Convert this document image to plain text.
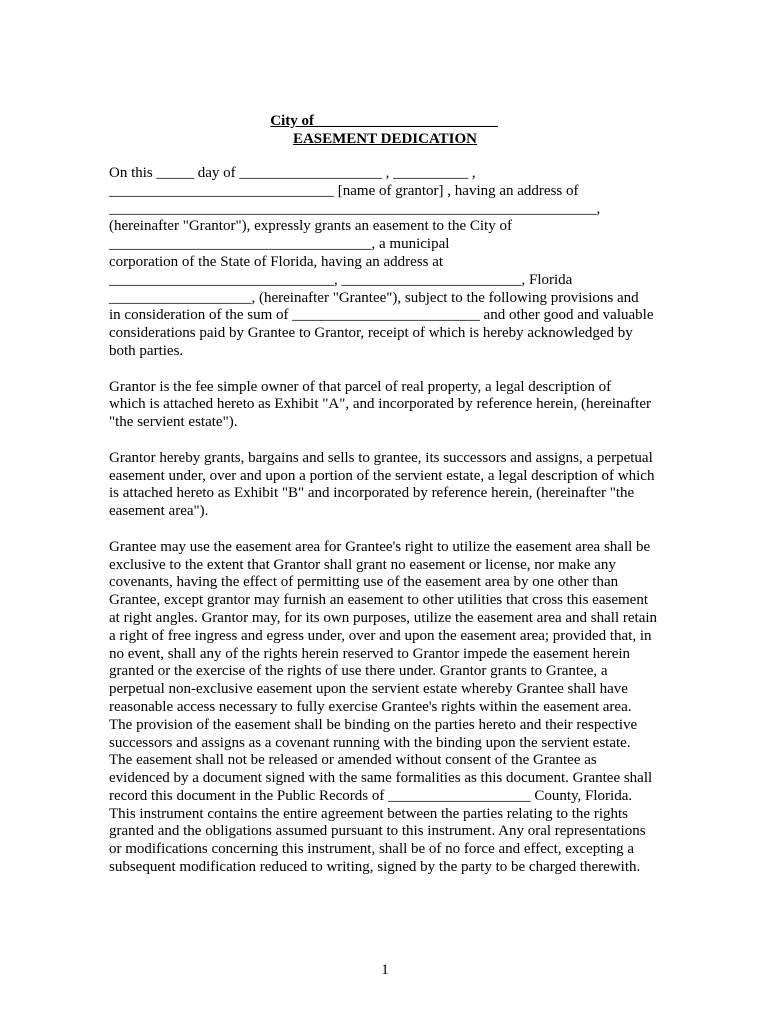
City of ________________________
EASEMENT DEDICATION
On this _____ day of ___________________ , __________ ,
______________________________ [name of grantor] , having an address of
_________________________________________________________________,
(hereinafter "Grantor"), expressly grants an easement to the City of
___________________________________, a municipal
corporation of the State of Florida, having an address at
______________________________, ________________________, Florida
___________________, (hereinafter "Grantee"), subject to the following provisions and
in consideration of the sum of _________________________ and other good and valuable
considerations paid by Grantee to Grantor, receipt of which is hereby acknowledged by
both parties.
Grantor is the fee simple owner of that parcel of real property, a legal description of
which is attached hereto as Exhibit "A", and incorporated by reference herein, (hereinafter
"the servient estate").
Grantor hereby grants, bargains and sells to grantee, its successors and assigns, a perpetual
easement under, over and upon a portion of the servient estate, a legal description of which
is attached hereto as Exhibit "B" and incorporated by reference herein, (hereinafter "the
easement area").
Grantee may use the easement area for Grantee's right to utilize the easement area shall be
exclusive to the extent that Grantor shall grant no easement or license, nor make any
covenants, having the effect of permitting use of the easement area by one other than
Grantee, except grantor may furnish an easement to other utilities that cross this easement
at right angles. Grantor may, for its own purposes, utilize the easement area and shall retain
a right of free ingress and egress under, over and upon the easement area; provided that, in
no event, shall any of the rights herein reserved to Grantor impede the easement herein
granted or the exercise of the rights of use there under. Grantor grants to Grantee, a
perpetual non-exclusive easement upon the servient estate whereby Grantee shall have
reasonable access necessary to fully exercise Grantee's rights within the easement area.
The provision of the easement shall be binding on the parties hereto and their respective
successors and assigns as a covenant running with the binding upon the servient estate.
The easement shall not be released or amended without consent of the Grantee as
evidenced by a document signed with the same formalities as this document. Grantee shall
record this document in the Public Records of ___________________ County, Florida.
This instrument contains the entire agreement between the parties relating to the rights
granted and the obligations assumed pursuant to this instrument. Any oral representations
or modifications concerning this instrument, shall be of no force and effect, excepting a
subsequent modification reduced to writing, signed by the party to be charged therewith.
1
